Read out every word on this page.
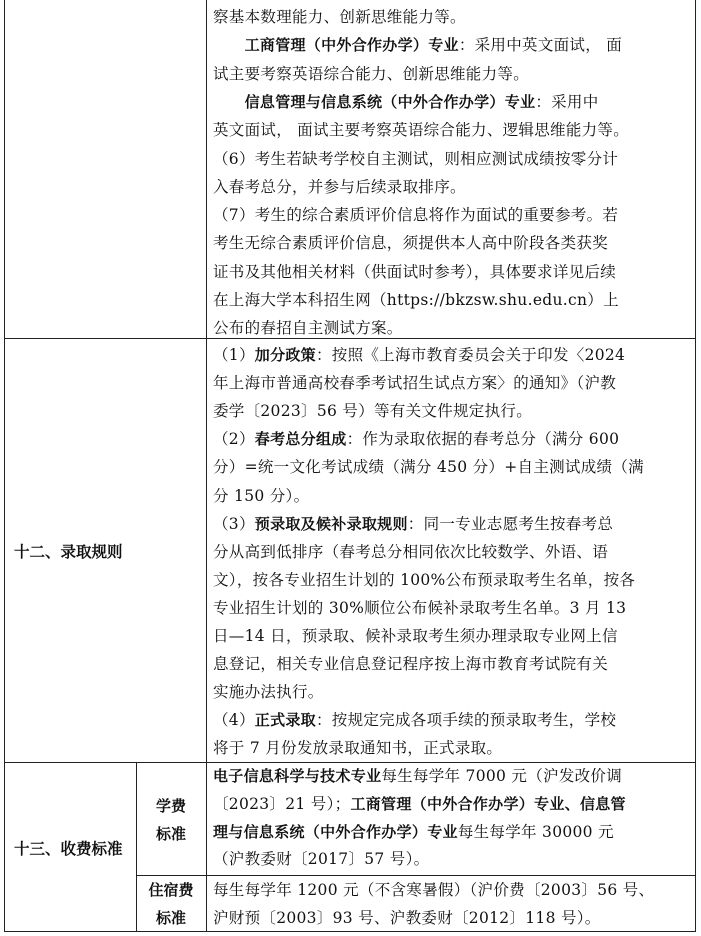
察基本数理能力、创新思维能力等。
　　工商管理（中外合作办学）专业：采用中英文面试， 面
试主要考察英语综合能力、创新思维能力等。
　　信息管理与信息系统（中外合作办学）专业：采用中
英文面试， 面试主要考察英语综合能力、逻辑思维能力等。
（6）考生若缺考学校自主测试，则相应测试成绩按零分计
入春考总分，并参与后续录取排序。
（7）考生的综合素质评价信息将作为面试的重要参考。若
考生无综合素质评价信息，须提供本人高中阶段各类获奖
证书及其他相关材料（供面试时参考），具体要求详见后续
在上海大学本科招生网（https://bkzsw.shu.edu.cn）上
公布的春招自主测试方案。
十二、录取规则
（1）加分政策：按照《上海市教育委员会关于印发〈2024
年上海市普通高校春季考试招生试点方案〉的通知》（沪教
委学〔2023〕56 号）等有关文件规定执行。
（2）春考总分组成：作为录取依据的春考总分（满分 600
分）=统一文化考试成绩（满分 450 分）+自主测试成绩（满
分 150 分）。
（3）预录取及候补录取规则：同一专业志愿考生按春考总
分从高到低排序（春考总分相同依次比较数学、外语、语
文），按各专业招生计划的 100%公布预录取考生名单，按各
专业招生计划的 30%顺位公布候补录取考生名单。3 月 13
日—14 日，预录取、候补录取考生须办理录取专业网上信
息登记，相关专业信息登记程序按上海市教育考试院有关
实施办法执行。
（4）正式录取：按规定完成各项手续的预录取考生，学校
将于 7 月份发放录取通知书，正式录取。
十三、收费标准
学费
标准
住宿费
标准
电子信息科学与技术专业每生每学年 7000 元（沪发改价调
〔2023〕21 号）；工商管理（中外合作办学）专业、信息管
理与信息系统（中外合作办学）专业每生每学年 30000 元
（沪教委财〔2017〕57 号）。
每生每学年 1200 元（不含寒暑假）（沪价费〔2003〕56 号、
沪财预〔2003〕93 号、沪教委财〔2012〕118 号）。
